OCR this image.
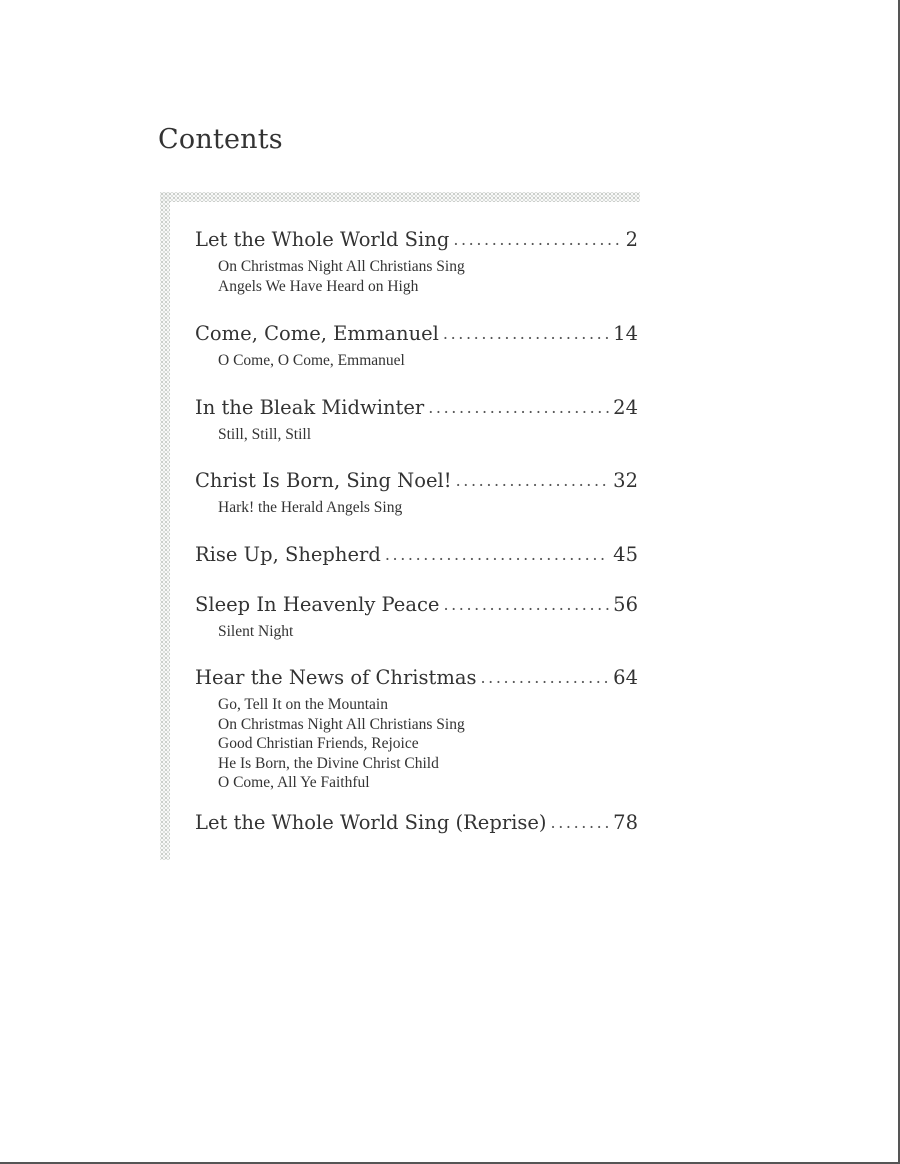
Contents
Let the Whole World Sing .....	2
On Christmas Night All Christians Sing
Angels We Have Heard on High
Come, Come, Emmanuel .....	14
O Come, O Come, Emmanuel
In the Bleak Midwinter .....	24
Still, Still, Still
Christ Is Born, Sing Noel! .....	32
Hark! the Herald Angels Sing
Rise Up, Shepherd .....	45
Sleep In Heavenly Peace .....	56
Silent Night
Hear the News of Christmas .....	64
Go, Tell It on the Mountain
On Christmas Night All Christians Sing
Good Christian Friends, Rejoice
He Is Born, the Divine Christ Child
O Come, All Ye Faithful
Let the Whole World Sing (Reprise) .....	78
